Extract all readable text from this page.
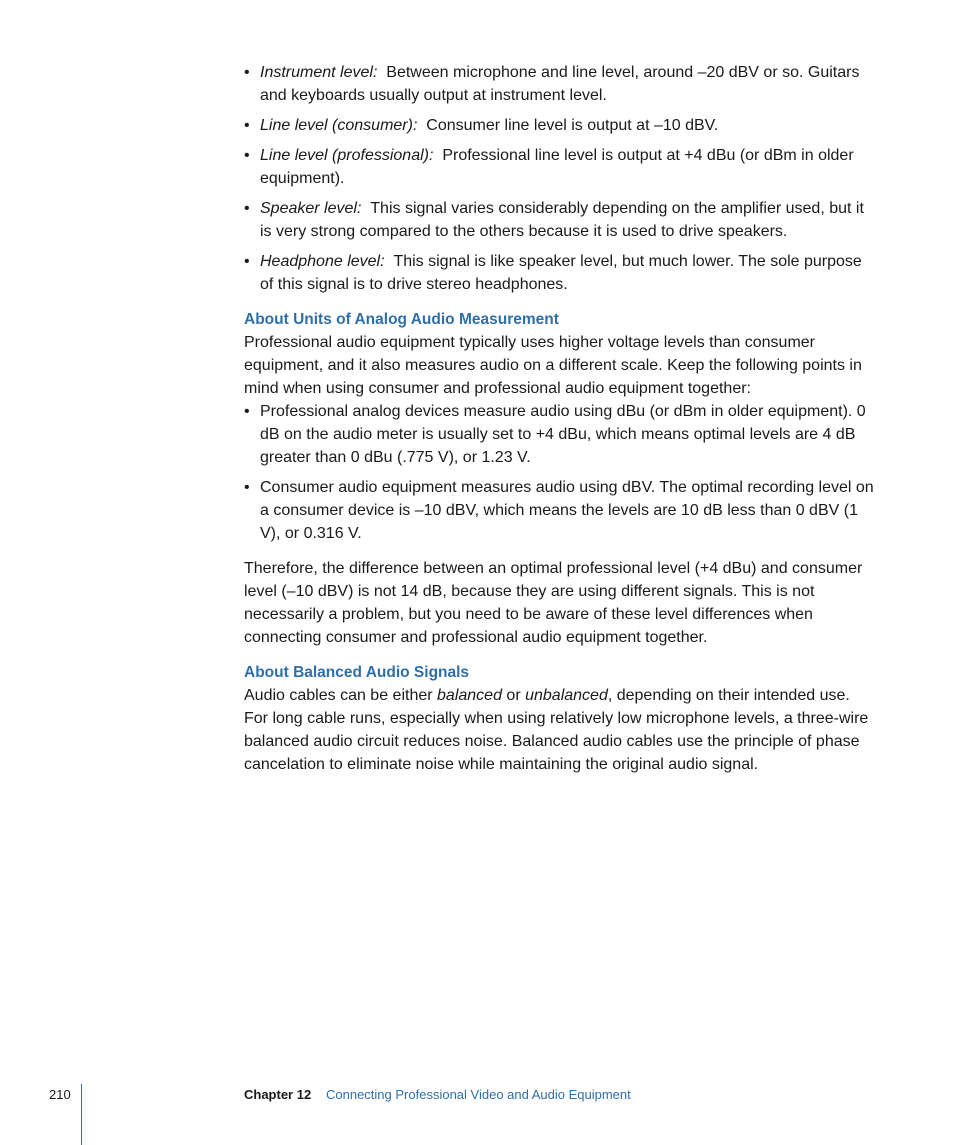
• Instrument level: Between microphone and line level, around –20 dBV or so. Guitars and keyboards usually output at instrument level.
• Line level (consumer): Consumer line level is output at –10 dBV.
• Line level (professional): Professional line level is output at +4 dBu (or dBm in older equipment).
• Speaker level: This signal varies considerably depending on the amplifier used, but it is very strong compared to the others because it is used to drive speakers.
• Headphone level: This signal is like speaker level, but much lower. The sole purpose of this signal is to drive stereo headphones.
About Units of Analog Audio Measurement

Professional audio equipment typically uses higher voltage levels than consumer equipment, and it also measures audio on a different scale. Keep the following points in mind when using consumer and professional audio equipment together:

• Professional analog devices measure audio using dBu (or dBm in older equipment). 0 dB on the audio meter is usually set to +4 dBu, which means optimal levels are 4 dB greater than 0 dBu (.775 V), or 1.23 V.
• Consumer audio equipment measures audio using dBV. The optimal recording level on a consumer device is –10 dBV, which means the levels are 10 dB less than 0 dBV (1 V), or 0.316 V.

Therefore, the difference between an optimal professional level (+4 dBu) and consumer level (–10 dBV) is not 14 dB, because they are using different signals. This is not necessarily a problem, but you need to be aware of these level differences when connecting consumer and professional audio equipment together.

About Balanced Audio Signals

Audio cables can be either balanced or unbalanced, depending on their intended use. For long cable runs, especially when using relatively low microphone levels, a three-wire balanced audio circuit reduces noise. Balanced audio cables use the principle of phase cancelation to eliminate noise while maintaining the original audio signal.

210	Chapter 12 Connecting Professional Video and Audio Equipment
